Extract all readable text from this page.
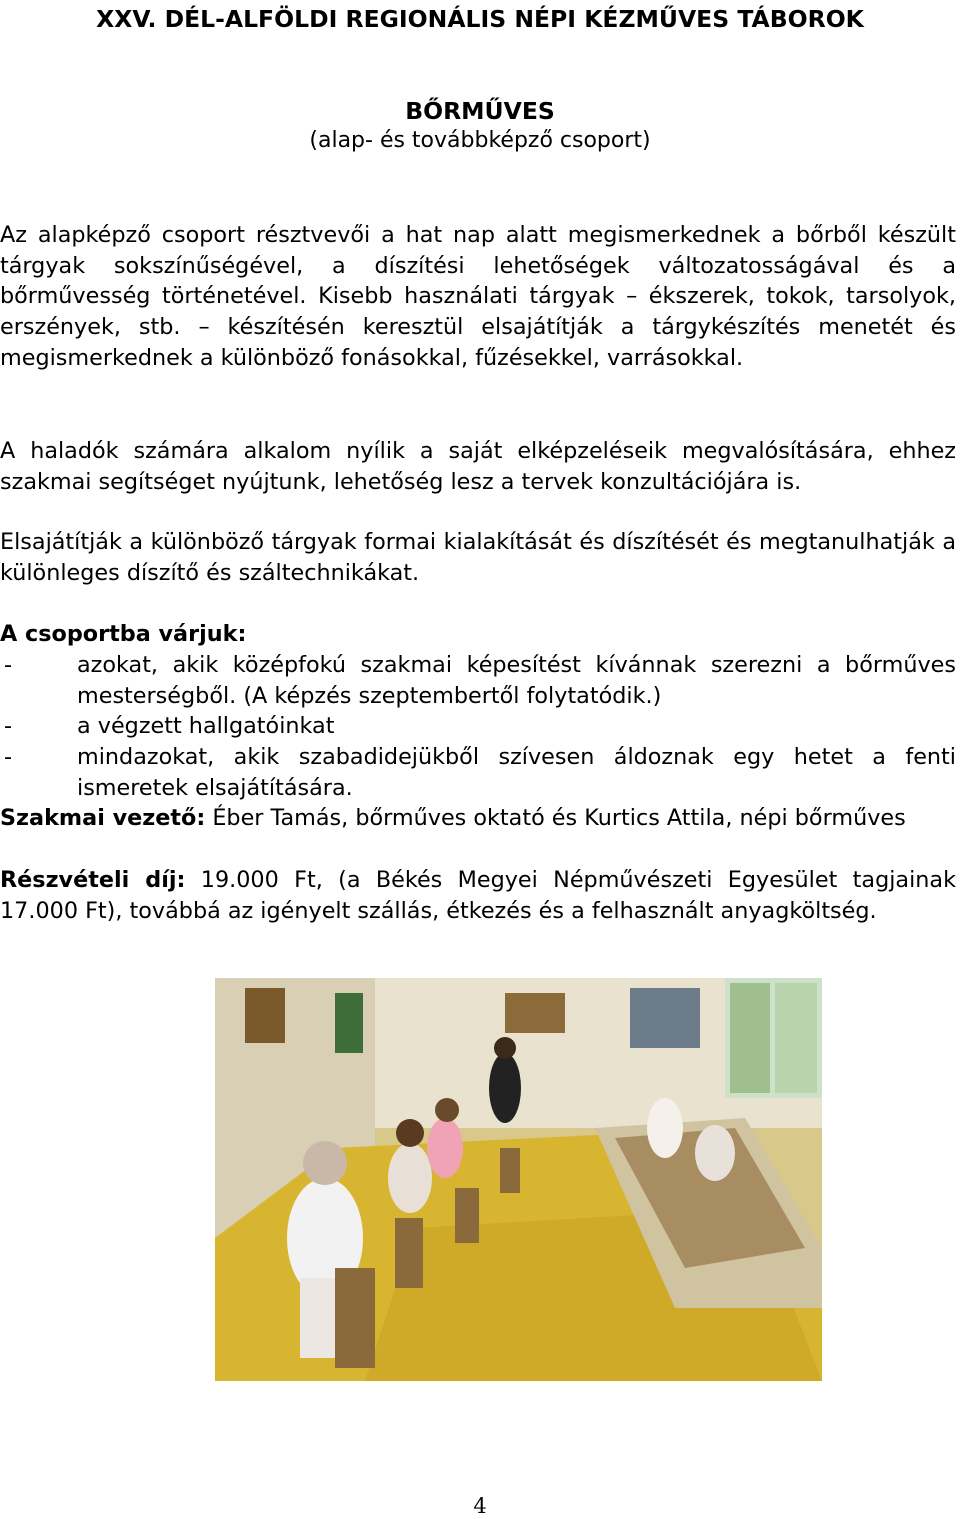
XXV. DÉL-ALFÖLDI REGIONÁLIS NÉPI KÉZMŰVES TÁBOROK
BŐRMŰVES
(alap- és továbbképző csoport)

Az alapképző csoport résztvevői a hat nap alatt megismerkednek a bőrből készült tárgyak sokszínűségével, a díszítési lehetőségek változatosságával és a bőrművesség történetével. Kisebb használati tárgyak – ékszerek, tokok, tarsolyok, erszények, stb. – készítésén keresztül elsajátítják a tárgykészítés menetét és megismerkednek a különböző fonásokkal, fűzésekkel, varrásokkal.

A haladók számára alkalom nyílik a saját elképzeléseik megvalósítására, ehhez szakmai segítséget nyújtunk, lehetőség lesz a tervek konzultációjára is.

Elsajátítják a különböző tárgyak formai kialakítását és díszítését és megtanulhatják a különleges díszítő és száltechnikákat.

A csoportba várjuk:
-	azokat, akik középfokú szakmai képesítést kívánnak szerezni a bőrműves mesterségből. (A képzés szeptembertől folytatódik.)
-	a végzett hallgatóinkat
-	mindazokat, akik szabadidejükből szívesen áldoznak egy hetet a fenti ismeretek elsajátítására.

Szakmai vezető: Éber Tamás, bőrműves oktató és Kurtics Attila, népi bőrműves

Részvételi díj: 19.000 Ft, (a Békés Megyei Népművészeti Egyesület tagjainak 17.000 Ft), továbbá az igényelt szállás, étkezés és a felhasznált anyagköltség.

4
